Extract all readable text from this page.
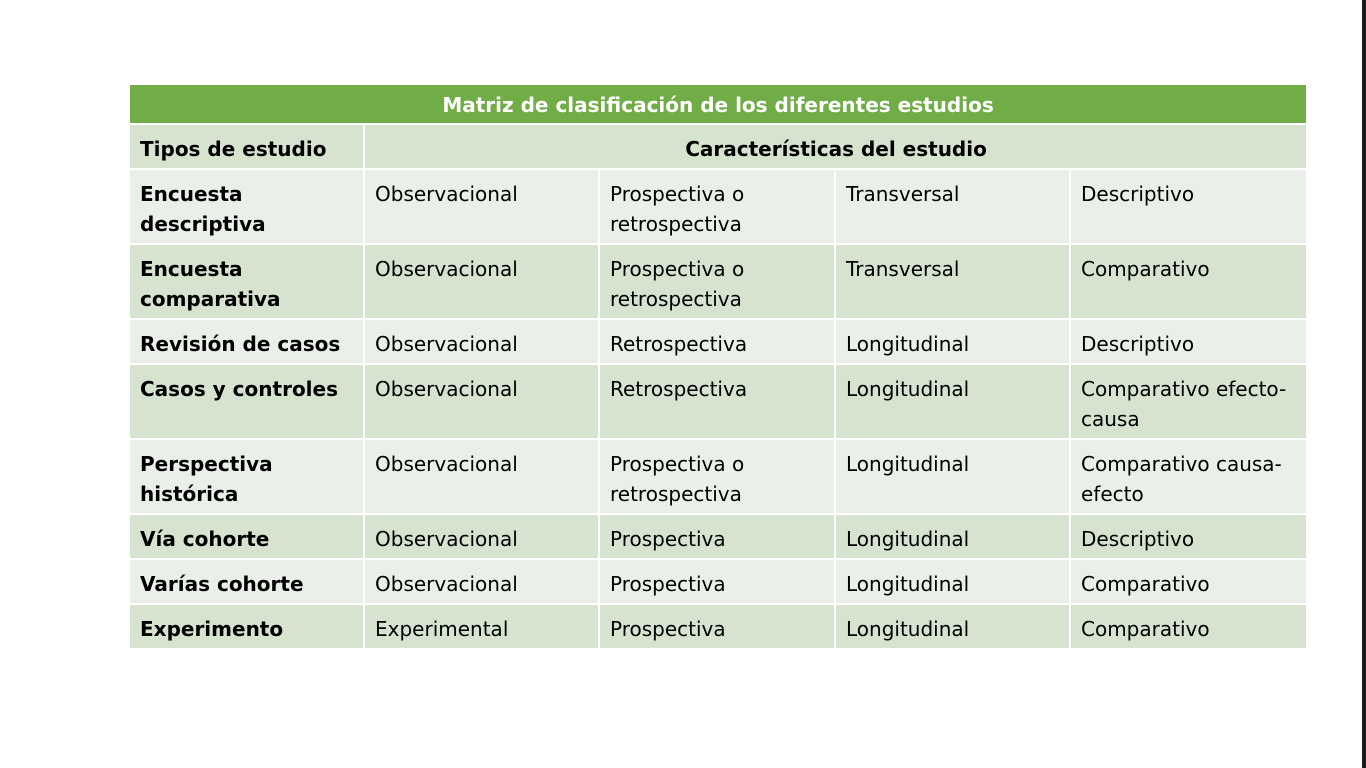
Matriz de clasificación de los diferentes estudios				
Tipos de estudio	Características del estudio			
Encuesta descriptiva	Observacional	Prospectiva o retrospectiva	Transversal	Descriptivo
Encuesta comparativa	Observacional	Prospectiva o retrospectiva	Transversal	Comparativo
Revisión de casos	Observacional	Retrospectiva	Longitudinal	Descriptivo
Casos y controles	Observacional	Retrospectiva	Longitudinal	Comparativo efecto-causa
Perspectiva histórica	Observacional	Prospectiva o retrospectiva	Longitudinal	Comparativo causa-efecto
Vía cohorte	Observacional	Prospectiva	Longitudinal	Descriptivo
Varías cohorte	Observacional	Prospectiva	Longitudinal	Comparativo
Experimento	Experimental	Prospectiva	Longitudinal	Comparativo
